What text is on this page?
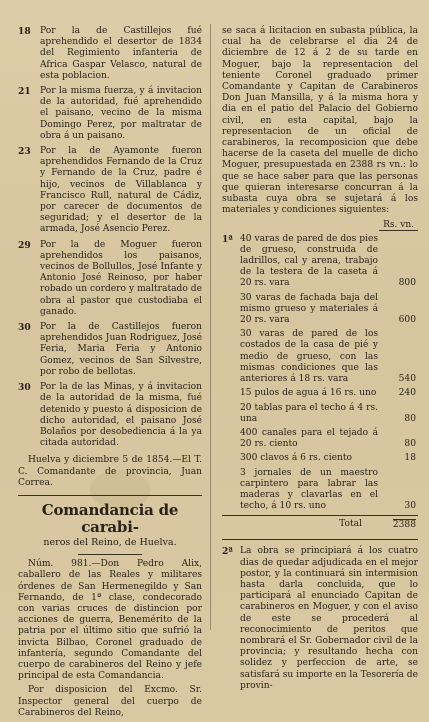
18	Por la de Castillejos fué aprehendido el desertor de 1834 del Regimiento infanteria de Africa Gaspar Velasco, natural de esta poblacion.
21	Por la misma fuerza, y á invitacion de la autoridad, fué aprehendido el paisano, vecino de la misma Domingo Perez, por maltratar de obra á un paisano.
23	Por la de Ayamonte fueron aprehendidos Fernando de la Cruz y Fernando de la Cruz, padre é hijo, vecinos de Villablanca y Francisco Rull, natural de Cádiz, por carecer de documentos de seguridad; y el desertor de la armada, José Asencio Perez.
29	Por la de Moguer fueron aprehendidos los paisanos, vecinos de Bollullos, José Infante y Antonio José Reinoso, por haber robado un cordero y maltratado de obra al pastor que custodiaba el ganado.
30	Por la de Castillejos fueron aprehendidos Juan Rodriguez, José Feria, Maria Feria y Antonio Gomez, vecinos de San Silvestre, por robo de bellotas.
30	Por la de las Minas, y á invitacion de la autoridad de la misma, fué detenido y puesto á disposicion de dicho autoridad, el paisano José Bolaños por desobediencia á la ya citada autoridad.
Huelva y diciembre 5 de 1854.—El T. C. Comandante de provincia, Juan Correa.
Comandancia de carabi-
neros del Reino, de Huelva.
Núm. 981.—Don Pedro Alix, caballero de las Reales y militares órdenes de San Hermenegildo y San Fernando, de 1ª clase, condecorado con varias cruces de distincion por acciones de guerra, Benemérito de la patria por el último sitio que sufrió la invicta Bilbao, Coronel graduado de infantería, segundo Comandante del cuerpo de carabineros del Reino y jefe principal de esta Comandancia.
Por disposicion del Excmo. Sr. Inspector general del cuerpo de Carabineros del Reino,
se saca á licitacion en subasta pública, la cual ha de celebrarse el dia 24 de diciembre de 12 á 2 de su tarde en Moguer, bajo la representacion del teniente Coronel graduado primer Comandante y Capitan de Carabineros Don Juan Mansilla, y á la misma hora y dia en el patio del Palacio del Gobierno civil, en esta capital, bajo la representacion de un oficial de carabineros, la recomposicion que debe hacerse de la caseta del muelle de dicho Moguer, presupuestada en 2388 rs vn.: lo que se hace saber para que las personas que quieran interesarse concurran á la subasta cuya obra se sujetará á los materiales y condiciones siguientes:
Rs. vn.
1ª 40 varas de pared de dos pies de grueso, construida de ladrillos, cal y arena, trabajo de la testera de la caseta á 20 rs. vara	800
30 varas de fachada baja del mismo grueso y materiales á 20 rs. vara	600
30 varas de pared de los costados de la casa de pié y medio de grueso, con las mismas condiciones que las anteriores á 18 rs. vara	540
15 pulos de agua á 16 rs. uno	240
20 tablas para el techo á 4 rs. una	80
400 canales para el tejado á 20 rs. ciento	80
300 clavos á 6 rs. ciento	18
3 jornales de un maestro carpintero para labrar las maderas y clavarlas en el techo, á 10 rs. uno	30
Total	2388
2ª La obra se principiará á los cuatro dias de quedar adjudicada en el mejor postor, y la continuará sin intermision hasta darla concluida, que lo participará al enunciado Capitan de carabineros en Moguer, y con el aviso de este se procederá al reconocimiento de peritos que nombrará el Sr. Gobernador civil de la provincia; y resultando hecha con solidez y perfeccion de arte, se satisfará su importe en la Tesorería de provin-
